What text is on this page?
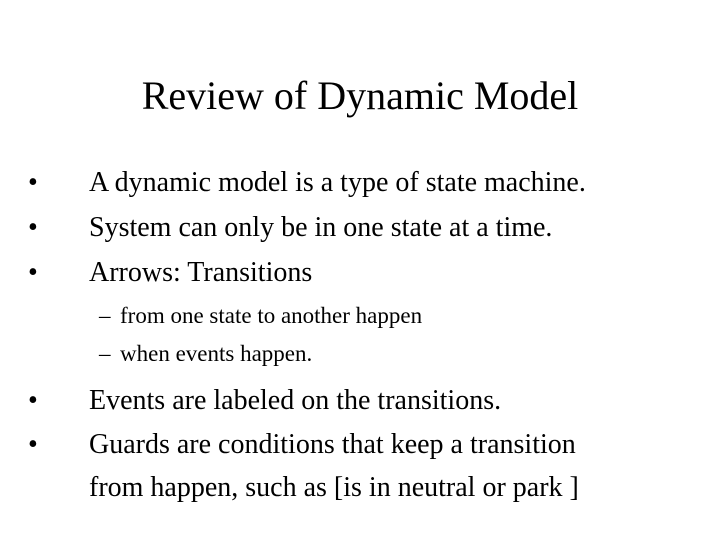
Review of Dynamic Model
•	A dynamic model is a type of state machine.
•	System can only be in one state at a time.
•	Arrows: Transitions
– from one state to another happen
– when events happen.
•	Events are labeled on the transitions.
•	Guards are conditions that keep a transition
from happen, such as [is in neutral or park ]
